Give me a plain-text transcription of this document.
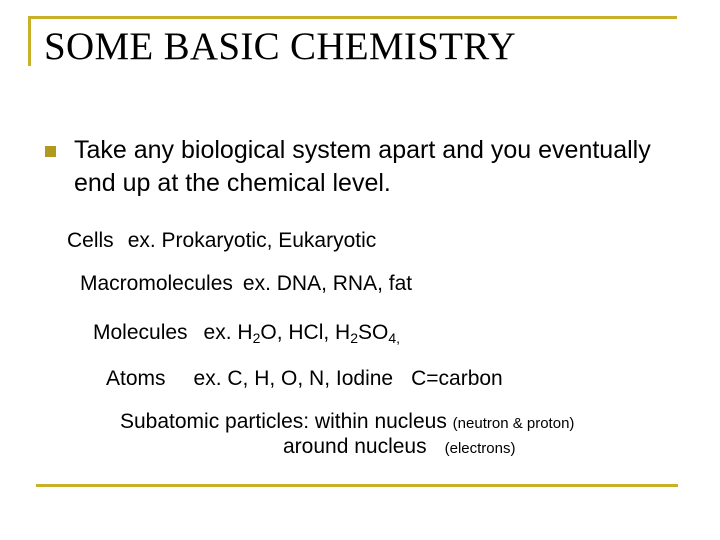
SOME BASIC CHEMISTRY
Take any biological system apart and you eventually end up at the chemical level.
Cells ex. Prokaryotic, Eukaryotic
Macromolecules ex. DNA, RNA, fat
Molecules ex. $H_2O$, HCl, $H_2SO_{4,}$
Atoms ex. C, H, O, N, Iodine C=carbon
Subatomic particles: within nucleus (neutron & proton)
around nucleus (electrons)
